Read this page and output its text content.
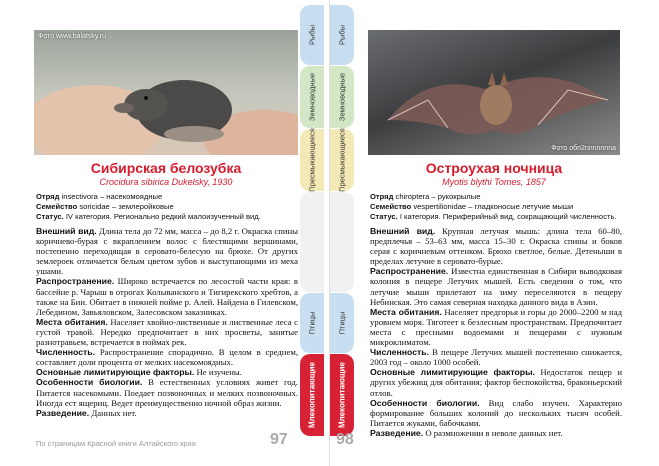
Фото www.balatsky.ru
Сибирская белозубка
Crocidura sibirica Dukelsky, 1930
Отряд insectivora – насекомоядные
Семейство soricidae – землеройковые
Статус. IV категория. Регионально редкий малоизученный вид.

Внешний вид. Длина тела до 72 мм, масса – до 8,2 г. Окраска спины коричнево-бурая с вкраплением волос с блестящими вершинами, постепенно переходящая в серовато-белесую на брюхе. От других землероек отличается белым цветом зубов и выступающими из меха ушами.

Распространение. Широко встречается по лесостой части края: в бассейне р. Чарыш в отрогах Колыванского и Тигирекского хребтов, а также на Бии. Обитает в нижней пойме р. Алей. Найдена в Гилевском, Лебедином, Завьяловском, Залесовском заказниках.

Места обитания. Населяет хвойно-лиственные и лиственные леса с густой травой. Нередко предпочитает в них просветы, занятые разнотравьем, встречается в поймах рек.

Численность. Распространение спорадично. В целом в среднем, составляет доли процента от мелких насекомоядных.

Основные лимитирующие факторы. Не изучены.

Особенности биологии. В естественных условиях живет год. Питается насекомыми. Поедает позвоночных и мелких позвоночных. Иногда ест ящериц. Ведет преимущественно ночной образ жизни.

Разведение. Данных нет.

По страницам Красной книги Алтайского края	97
Рыбы
Земноводные
Пресмыкающиеся
Птицы
Млекопитающие
Рыбы
Земноводные
Пресмыкающиеся
Птицы
Млекопитающие
Фото обп2nnnnnnna
Остроухая ночница
Myotis blythi Tomes, 1857
Отряд chiroptera – рукокрылые
Семейство vespertilionidae – гладконосые летучие мыши
Статус. I категория. Периферийный вид, сокращающий численность.

Внешний вид. Крупная летучая мышь: длина тела 60–80, предплечья – 53–63 мм, масса 15–30 г. Окраска спины и боков серая с коричневым оттенком. Брюхо светлое, белые. Детеныши в пределах летучие в серовато-бурые.

Распространение. Известна единственная в Сибири выводковая колония в пещере Летучих мышей. Есть сведения о том, что летучие мыши прилетают на зиму переселяются в пещеру Небинская. Это самая северная находка данного вида в Азии.

Места обитания. Населяет предгорья и горы до 2000–2200 м над уровнем моря. Тяготеет к безлесным пространствам. Предпочитает места с пресными водоемами и пещерами с нужным микроклиматом.

Численность. В пещере Летучих мышей постепенно снижается, 2003 год – около 1000 особей.

Основные лимитирующие факторы. Недостаток пещер и других убежищ для обитания; фактор беспокойства, браконьерский отлов.

Особенности биологии. Вид слабо изучен. Характерно формирование больших колоний до нескольких тысяч особей. Питается жуками, бабочками.

Разведение. О размножении в неволе данных нет.

98
